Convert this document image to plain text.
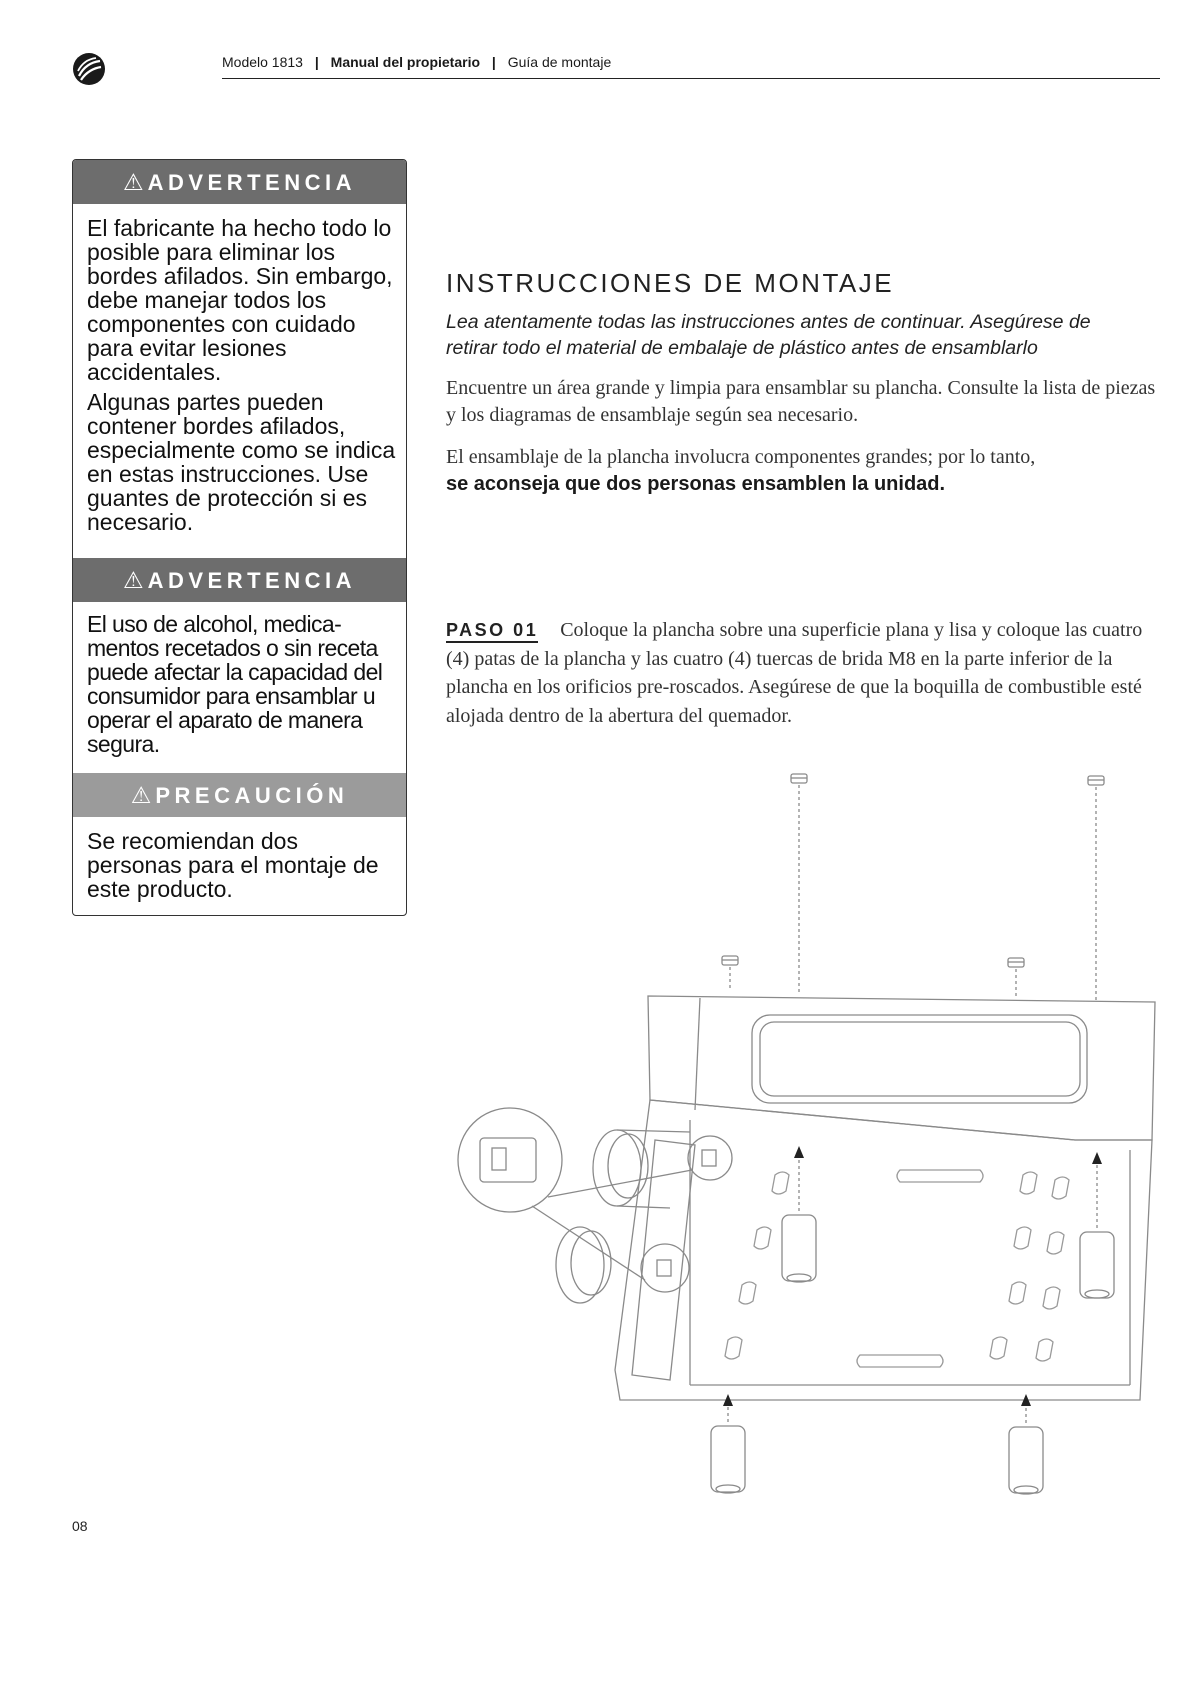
Modelo 1813 | Manual del propietario | Guía de montaje
⚠ ADVERTENCIA

El fabricante ha hecho todo lo posible para eliminar los bordes afilados. Sin embargo, debe manejar todos los componentes con cuidado para evitar lesiones accidentales.

Algunas partes pueden contener bordes afilados, especialmente como se indica en estas instrucciones. Use guantes de protección si es necesario.

⚠ ADVERTENCIA

El uso de alcohol, medicamentos recetados o sin receta puede afectar la capacidad del consumidor para ensamblar u operar el aparato de manera segura.

⚠ PRECAUCIÓN

Se recomiendan dos personas para el montaje de este producto.

INSTRUCCIONES DE MONTAJE
Lea atentamente todas las instrucciones antes de continuar. Asegúrese de retirar todo el material de embalaje de plástico antes de ensamblarlo
Encuentre un área grande y limpia para ensamblar su plancha. Consulte la lista de piezas y los diagramas de ensamblaje según sea necesario.
El ensamblaje de la plancha involucra componentes grandes; por lo tanto,
se aconseja que dos personas ensamblen la unidad.
PASO 01 Coloque la plancha sobre una superficie plana y lisa y coloque las cuatro (4) patas de la plancha y las cuatro (4) tuercas de brida M8 en la parte inferior de la plancha en los orificios pre-roscados. Asegúrese de que la boquilla de combustible esté alojada dentro de la abertura del quemador.
08
